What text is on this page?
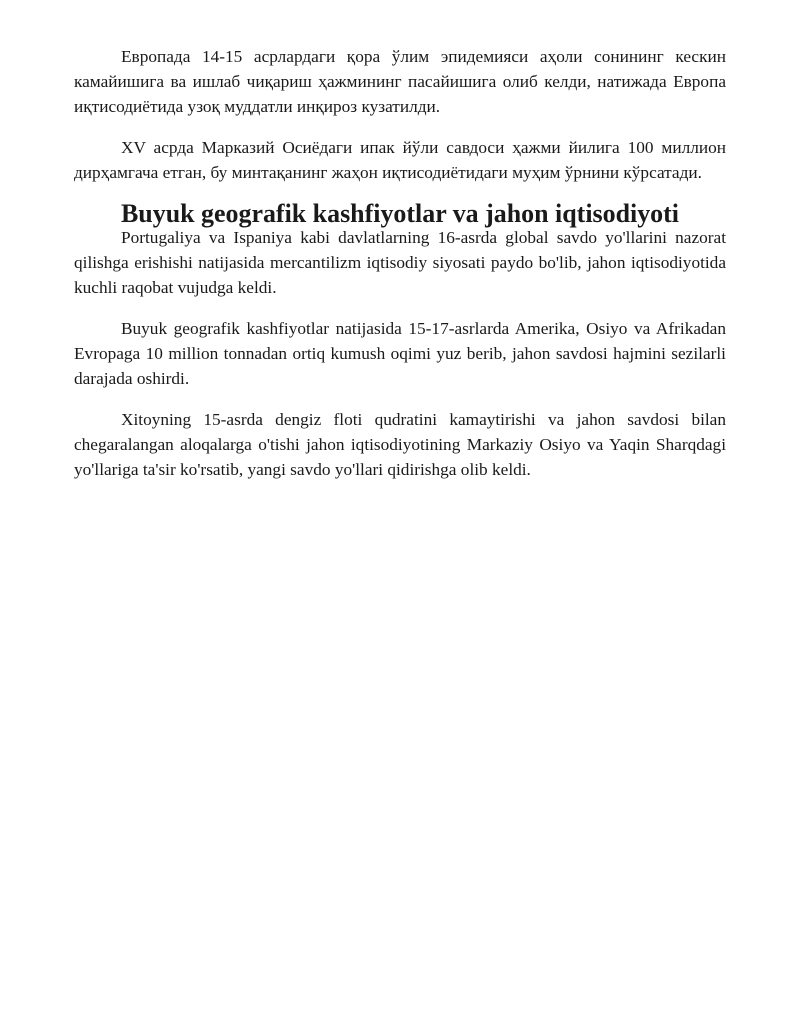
Европада 14-15 асрлардаги қора ўлим эпидемияси аҳоли сонининг кескин камайишига ва ишлаб чиқариш ҳажмининг пасайишига олиб келди, натижада Европа иқтисодиётида узоқ муддатли инқироз кузатилди.

XV асрда Марказий Осиёдаги ипак йўли савдоси ҳажми йилига 100 миллион дирҳамгача етган, бу минтақанинг жаҳон иқтисодиётидаги муҳим ўрнини кўрсатади.

Buyuk geografik kashfiyotlar va jahon iqtisodiyoti

Portugaliya va Ispaniya kabi davlatlarning 16-asrda global savdo yo'llarini nazorat qilishga erishishi natijasida mercantilizm iqtisodiy siyosati paydo bo'lib, jahon iqtisodiyotida kuchli raqobat vujudga keldi.

Buyuk geografik kashfiyotlar natijasida 15-17-asrlarda Amerika, Osiyo va Afrikadan Evropaga 10 million tonnadan ortiq kumush oqimi yuz berib, jahon savdosi hajmini sezilarli darajada oshirdi.

Xitoyning 15-asrda dengiz floti qudratini kamaytirishi va jahon savdosi bilan chegaralangan aloqalarga o'tishi jahon iqtisodiyotining Markaziy Osiyo va Yaqin Sharqdagi yo'llariga ta'sir ko'rsatib, yangi savdo yo'llari qidirishga olib keldi.
